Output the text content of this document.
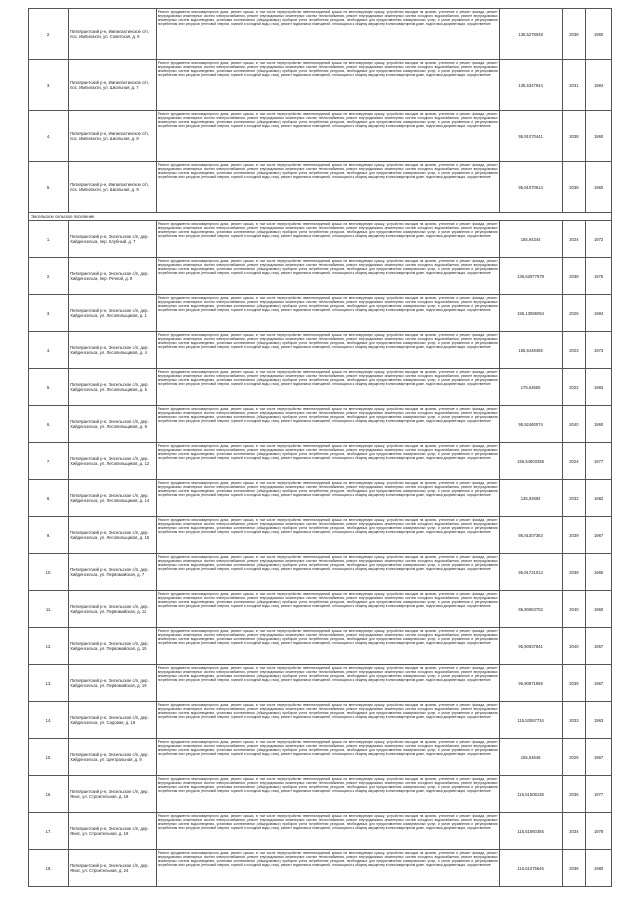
2.	Питкярантский р-н, Импилахтинское с/п, пос. Импилахти, ул. Советская, д. 5	Ремонт фундамента многоквартирного дома, ремонт крыши, в том числе переустройство невентилируемой крыши на вентилируемую крышу, устройство выходов на кровлю, утепление и ремонт фасада, ремонт внутридомовых инженерных систем электроснабжения, ремонт внутридомовых инженерных систем теплоснабжения, ремонт внутридомовых инженерных систем холодного водоснабжения, ремонт внутридомовых инженерных систем водоотведения, установка коллективных (общедомовых) приборов учета потребления ресурсов, необходимых для предоставления коммунальных услуг, и узлов управления и регулирования потребления этих ресурсов (тепловой энергии, горячей и холодной воды, газа), ремонт подвальных помещений, относящихся к общему имуществу в многоквартирном доме, подготовка документации, осуществление	135,5278048	2038	1960
3.	Питкярантский р-н, Импилахтинское с/п, пос. Импилахти, ул. Школьная, д. 7	Ремонт фундамента многоквартирного дома, ремонт крыши, в том числе переустройство невентилируемой крыши на вентилируемую крышу, устройство выходов на кровлю, утепление и ремонт фасада, ремонт внутридомовых инженерных систем электроснабжения, ремонт внутридомовых инженерных систем теплоснабжения, ремонт внутридомовых инженерных систем холодного водоснабжения, ремонт внутридомовых инженерных систем водоотведения, установка коллективных (общедомовых) приборов учета потребления ресурсов, необходимых для предоставления коммунальных услуг, и узлов управления и регулирования потребления этих ресурсов (тепловой энергии, горячей и холодной воды, газа), ремонт подвальных помещений, относящихся к общему имуществу в многоквартирном доме, подготовка документации, осуществление	135,5347944	2031	1984
4.	Питкярантский р-н, Импилахтинское с/п, пос. Импилахти, ул. Школьная, д. 8	Ремонт фундамента многоквартирного дома, ремонт крыши, в том числе переустройство невентилируемой крыши на вентилируемую крышу, устройство выходов на кровлю, утепление и ремонт фасада, ремонт внутридомовых инженерных систем электроснабжения, ремонт внутридомовых инженерных систем теплоснабжения, ремонт внутридомовых инженерных систем холодного водоснабжения, ремонт внутридомовых инженерных систем водоотведения, установка коллективных (общедомовых) приборов учета потребления ресурсов, необходимых для предоставления коммунальных услуг, и узлов управления и регулирования потребления этих ресурсов (тепловой энергии, горячей и холодной воды, газа), ремонт подвальных помещений, относящихся к общему имуществу в многоквартирном доме, подготовка документации, осуществление	95,91070441	2038	1960
5.	Питкярантский р-н, Импилахтинское с/п, пос. Импилахти, ул. Школьная, д. 9	Ремонт фундамента многоквартирного дома, ремонт крыши, в том числе переустройство невентилируемой крыши на вентилируемую крышу, устройство выходов на кровлю, утепление и ремонт фасада, ремонт внутридомовых инженерных систем электроснабжения, ремонт внутридомовых инженерных систем теплоснабжения, ремонт внутридомовых инженерных систем холодного водоснабжения, ремонт внутридомовых инженерных систем водоотведения, установка коллективных (общедомовых) приборов учета потребления ресурсов, необходимых для предоставления коммунальных услуг, и узлов управления и регулирования потребления этих ресурсов (тепловой энергии, горячей и холодной воды, газа), ремонт подвальных помещений, относящихся к общему имуществу в многоквартирном доме, подготовка документации, осуществление	95,91070614	2038	1960
Энсельское сельское поселение					
1.	Питкярантский р-н, Энсельское с/п, дер. Хийденсельга, пер. Клубный, д. 7	Ремонт фундамента многоквартирного дома, ремонт крыши, в том числе переустройство невентилируемой крыши на вентилируемую крышу, устройство выходов на кровлю, утепление и ремонт фасада, ремонт внутридомовых инженерных систем электроснабжения, ремонт внутридомовых инженерных систем теплоснабжения, ремонт внутридомовых инженерных систем холодного водоснабжения, ремонт внутридомовых инженерных систем водоотведения, установка коллективных (общедомовых) приборов учета потребления ресурсов, необходимых для предоставления коммунальных услуг, и узлов управления и регулирования потребления этих ресурсов (тепловой энергии, горячей и холодной воды, газа), ремонт подвальных помещений, относящихся к общему имуществу в многоквартирном доме, подготовка документации, осуществление	155,94344	2024	1972
2.	Питкярантский р-н, Энсельское с/п, дер. Хийденсельга, пер. Речной, д. 8	Ремонт фундамента многоквартирного дома, ремонт крыши, в том числе переустройство невентилируемой крыши на вентилируемую крышу, устройство выходов на кровлю, утепление и ремонт фасада, ремонт внутридомовых инженерных систем электроснабжения, ремонт внутридомовых инженерных систем теплоснабжения, ремонт внутридомовых инженерных систем холодного водоснабжения, ремонт внутридомовых инженерных систем водоотведения, установка коллективных (общедомовых) приборов учета потребления ресурсов, необходимых для предоставления коммунальных услуг, и узлов управления и регулирования потребления этих ресурсов (тепловой энергии, горячей и холодной воды, газа), ремонт подвальных помещений, относящихся к общему имуществу в многоквартирном доме, подготовка документации, осуществление	136,62977979	2038	1976
3.	Питкярантский р-н, Энсельское с/п, дер. Хийденсельга, ул. Лесопильщиков, д. 1	Ремонт фундамента многоквартирного дома, ремонт крыши, в том числе переустройство невентилируемой крыши на вентилируемую крышу, устройство выходов на кровлю, утепление и ремонт фасада, ремонт внутридомовых инженерных систем электроснабжения, ремонт внутридомовых инженерных систем теплоснабжения, ремонт внутридомовых инженерных систем холодного водоснабжения, ремонт внутридомовых инженерных систем водоотведения, установка коллективных (общедомовых) приборов учета потребления ресурсов, необходимых для предоставления коммунальных услуг, и узлов управления и регулирования потребления этих ресурсов (тепловой энергии, горячей и холодной воды, газа), ремонт подвальных помещений, относящихся к общему имуществу в многоквартирном доме, подготовка документации, осуществление	155,13066054	2026	1984
4.	Питкярантский р-н, Энсельское с/п, дер. Хийденсельга, ул. Лесопильщиков, д. 4	Ремонт фундамента многоквартирного дома, ремонт крыши, в том числе переустройство невентилируемой крыши на вентилируемую крышу, устройство выходов на кровлю, утепление и ремонт фасада, ремонт внутридомовых инженерных систем электроснабжения, ремонт внутридомовых инженерных систем теплоснабжения, ремонт внутридомовых инженерных систем холодного водоснабжения, ремонт внутридомовых инженерных систем водоотведения, установка коллективных (общедомовых) приборов учета потребления ресурсов, необходимых для предоставления коммунальных услуг, и узлов управления и регулирования потребления этих ресурсов (тепловой энергии, горячей и холодной воды, газа), ремонт подвальных помещений, относящихся к общему имуществу в многоквартирном доме, подготовка документации, осуществление	155,5448455	2023	1973
5.	Питкярантский р-н, Энсельское с/п, дер. Хийденсельга, ул. Лесопильщиков, д. 5	Ремонт фундамента многоквартирного дома, ремонт крыши, в том числе переустройство невентилируемой крыши на вентилируемую крышу, устройство выходов на кровлю, утепление и ремонт фасада, ремонт внутридомовых инженерных систем электроснабжения, ремонт внутридомовых инженерных систем теплоснабжения, ремонт внутридомовых инженерных систем холодного водоснабжения, ремонт внутридомовых инженерных систем водоотведения, установка коллективных (общедомовых) приборов учета потребления ресурсов, необходимых для предоставления коммунальных услуг, и узлов управления и регулирования потребления этих ресурсов (тепловой энергии, горячей и холодной воды, газа), ремонт подвальных помещений, относящихся к общему имуществу в многоквартирном доме, подготовка документации, осуществление	175,54655	2022	1983
6.	Питкярантский р-н, Энсельское с/п, дер. Хийденсельга, ул. Лесопильщиков, д. 8	Ремонт фундамента многоквартирного дома, ремонт крыши, в том числе переустройство невентилируемой крыши на вентилируемую крышу, устройство выходов на кровлю, утепление и ремонт фасада, ремонт внутридомовых инженерных систем электроснабжения, ремонт внутридомовых инженерных систем теплоснабжения, ремонт внутридомовых инженерных систем холодного водоснабжения, ремонт внутридомовых инженерных систем водоотведения, установка коллективных (общедомовых) приборов учета потребления ресурсов, необходимых для предоставления коммунальных услуг, и узлов управления и регулирования потребления этих ресурсов (тепловой энергии, горячей и холодной воды, газа), ремонт подвальных помещений, относящихся к общему имуществу в многоквартирном доме, подготовка документации, осуществление	95,92460074	2040	1960
7.	Питкярантский р-н, Энсельское с/п, дер. Хийденсельга, ул. Лесопильщиков, д. 12	Ремонт фундамента многоквартирного дома, ремонт крыши, в том числе переустройство невентилируемой крыши на вентилируемую крышу, устройство выходов на кровлю, утепление и ремонт фасада, ремонт внутридомовых инженерных систем электроснабжения, ремонт внутридомовых инженерных систем теплоснабжения, ремонт внутридомовых инженерных систем холодного водоснабжения, ремонт внутридомовых инженерных систем водоотведения, установка коллективных (общедомовых) приборов учета потребления ресурсов, необходимых для предоставления коммунальных услуг, и узлов управления и регулирования потребления этих ресурсов (тепловой энергии, горячей и холодной воды, газа), ремонт подвальных помещений, относящихся к общему имуществу в многоквартирном доме, подготовка документации, осуществление	155,54603356	2024	1977
8.	Питкярантский р-н, Энсельское с/п, дер. Хийденсельга, ул. Лесопильщиков, д. 14	Ремонт фундамента многоквартирного дома, ремонт крыши, в том числе переустройство невентилируемой крыши на вентилируемую крышу, устройство выходов на кровлю, утепление и ремонт фасада, ремонт внутридомовых инженерных систем электроснабжения, ремонт внутридомовых инженерных систем теплоснабжения, ремонт внутридомовых инженерных систем холодного водоснабжения, ремонт внутридомовых инженерных систем водоотведения, установка коллективных (общедомовых) приборов учета потребления ресурсов, необходимых для предоставления коммунальных услуг, и узлов управления и регулирования потребления этих ресурсов (тепловой энергии, горячей и холодной воды, газа), ремонт подвальных помещений, относящихся к общему имуществу в многоквартирном доме, подготовка документации, осуществление	135,92694	2032	1982
9.	Питкярантский р-н, Энсельское с/п, дер. Хийденсельга, ул. Лесопильщиков, д. 16	Ремонт фундамента многоквартирного дома, ремонт крыши, в том числе переустройство невентилируемой крыши на вентилируемую крышу, устройство выходов на кровлю, утепление и ремонт фасада, ремонт внутридомовых инженерных систем электроснабжения, ремонт внутридомовых инженерных систем теплоснабжения, ремонт внутридомовых инженерных систем холодного водоснабжения, ремонт внутридомовых инженерных систем водоотведения, установка коллективных (общедомовых) приборов учета потребления ресурсов, необходимых для предоставления коммунальных услуг, и узлов управления и регулирования потребления этих ресурсов (тепловой энергии, горячей и холодной воды, газа), ремонт подвальных помещений, относящихся к общему имуществу в многоквартирном доме, подготовка документации, осуществление	95,91307363	2039	1967
10.	Питкярантский р-н, Энсельское с/п, дер. Хийденсельга, ул. Первомайская, д. 7	Ремонт фундамента многоквартирного дома, ремонт крыши, в том числе переустройство невентилируемой крыши на вентилируемую крышу, устройство выходов на кровлю, утепление и ремонт фасада, ремонт внутридомовых инженерных систем электроснабжения, ремонт внутридомовых инженерных систем теплоснабжения, ремонт внутридомовых инженерных систем холодного водоснабжения, ремонт внутридомовых инженерных систем водоотведения, установка коллективных (общедомовых) приборов учета потребления ресурсов, необходимых для предоставления коммунальных услуг, и узлов управления и регулирования потребления этих ресурсов (тепловой энергии, горячей и холодной воды, газа), ремонт подвальных помещений, относящихся к общему имуществу в многоквартирном доме, подготовка документации, осуществление	95,91721014	2039	1966
11.	Питкярантский р-н, Энсельское с/п, дер. Хийденсельга, ул. Первомайская, д. 11	Ремонт фундамента многоквартирного дома, ремонт крыши, в том числе переустройство невентилируемой крыши на вентилируемую крышу, устройство выходов на кровлю, утепление и ремонт фасада, ремонт внутридомовых инженерных систем электроснабжения, ремонт внутридомовых инженерных систем теплоснабжения, ремонт внутридомовых инженерных систем холодного водоснабжения, ремонт внутридомовых инженерных систем водоотведения, установка коллективных (общедомовых) приборов учета потребления ресурсов, необходимых для предоставления коммунальных услуг, и узлов управления и регулирования потребления этих ресурсов (тепловой энергии, горячей и холодной воды, газа), ремонт подвальных помещений, относящихся к общему имуществу в многоквартирном доме, подготовка документации, осуществление	95,90653702	2040	1960
12.	Питкярантский р-н, Энсельское с/п, дер. Хийденсельга, ул. Первомайская, д. 15	Ремонт фундамента многоквартирного дома, ремонт крыши, в том числе переустройство невентилируемой крыши на вентилируемую крышу, устройство выходов на кровлю, утепление и ремонт фасада, ремонт внутридомовых инженерных систем электроснабжения, ремонт внутридомовых инженерных систем теплоснабжения, ремонт внутридомовых инженерных систем холодного водоснабжения, ремонт внутридомовых инженерных систем водоотведения, установка коллективных (общедомовых) приборов учета потребления ресурсов, необходимых для предоставления коммунальных услуг, и узлов управления и регулирования потребления этих ресурсов (тепловой энергии, горячей и холодной воды, газа), ремонт подвальных помещений, относящихся к общему имуществу в многоквартирном доме, подготовка документации, осуществление	95,90937841	2040	1967
13.	Питкярантский р-н, Энсельское с/п, дер. Хийденсельга, ул. Первомайская, д. 19	Ремонт фундамента многоквартирного дома, ремонт крыши, в том числе переустройство невентилируемой крыши на вентилируемую крышу, устройство выходов на кровлю, утепление и ремонт фасада, ремонт внутридомовых инженерных систем электроснабжения, ремонт внутридомовых инженерных систем теплоснабжения, ремонт внутридомовых инженерных систем холодного водоснабжения, ремонт внутридомовых инженерных систем водоотведения, установка коллективных (общедомовых) приборов учета потребления ресурсов, необходимых для предоставления коммунальных услуг, и узлов управления и регулирования потребления этих ресурсов (тепловой энергии, горячей и холодной воды, газа), ремонт подвальных помещений, относящихся к общему имуществу в многоквартирном доме, подготовка документации, осуществление	95,90871869	2039	1967
14.	Питкярантский р-н, Энсельское с/п, дер. Хийденсельга, ул. Садовая, д. 19	Ремонт фундамента многоквартирного дома, ремонт крыши, в том числе переустройство невентилируемой крыши на вентилируемую крышу, устройство выходов на кровлю, утепление и ремонт фасада, ремонт внутридомовых инженерных систем электроснабжения, ремонт внутридомовых инженерных систем теплоснабжения, ремонт внутридомовых инженерных систем холодного водоснабжения, ремонт внутридомовых инженерных систем водоотведения, установка коллективных (общедомовых) приборов учета потребления ресурсов, необходимых для предоставления коммунальных услуг, и узлов управления и регулирования потребления этих ресурсов (тепловой энергии, горячей и холодной воды, газа), ремонт подвальных помещений, относящихся к общему имуществу в многоквартирном доме, подготовка документации, осуществление	115,53067734	2033	1983
15.	Питкярантский р-н, Энсельское с/п, дер. Хийденсельга, ул. Центральная, д. 8	Ремонт фундамента многоквартирного дома, ремонт крыши, в том числе переустройство невентилируемой крыши на вентилируемую крышу, устройство выходов на кровлю, утепление и ремонт фасада, ремонт внутридомовых инженерных систем электроснабжения, ремонт внутридомовых инженерных систем теплоснабжения, ремонт внутридомовых инженерных систем холодного водоснабжения, ремонт внутридомовых инженерных систем водоотведения, установка коллективных (общедомовых) приборов учета потребления ресурсов, необходимых для предоставления коммунальных услуг, и узлов управления и регулирования потребления этих ресурсов (тепловой энергии, горячей и холодной воды, газа), ремонт подвальных помещений, относящихся к общему имуществу в многоквартирном доме, подготовка документации, осуществление	155,54646	2025	1967
16.	Питкярантский р-н, Энсельское с/п, дер. Янис, ул. Строительная, д. 18	Ремонт фундамента многоквартирного дома, ремонт крыши, в том числе переустройство невентилируемой крыши на вентилируемую крышу, устройство выходов на кровлю, утепление и ремонт фасада, ремонт внутридомовых инженерных систем электроснабжения, ремонт внутридомовых инженерных систем теплоснабжения, ремонт внутридомовых инженерных систем холодного водоснабжения, ремонт внутридомовых инженерных систем водоотведения, установка коллективных (общедомовых) приборов учета потребления ресурсов, необходимых для предоставления коммунальных услуг, и узлов управления и регулирования потребления этих ресурсов (тепловой энергии, горячей и холодной воды, газа), ремонт подвальных помещений, относящихся к общему имуществу в многоквартирном доме, подготовка документации, осуществление	115,51508138	2035	1977
17.	Питкярантский р-н, Энсельское с/п, дер. Янис, ул. Строительная, д. 19	Ремонт фундамента многоквартирного дома, ремонт крыши, в том числе переустройство невентилируемой крыши на вентилируемую крышу, устройство выходов на кровлю, утепление и ремонт фасада, ремонт внутридомовых инженерных систем электроснабжения, ремонт внутридомовых инженерных систем теплоснабжения, ремонт внутридомовых инженерных систем холодного водоснабжения, ремонт внутридомовых инженерных систем водоотведения, установка коллективных (общедомовых) приборов учета потребления ресурсов, необходимых для предоставления коммунальных услуг, и узлов управления и регулирования потребления этих ресурсов (тепловой энергии, горячей и холодной воды, газа), ремонт подвальных помещений, относящихся к общему имуществу в многоквартирном доме, подготовка документации, осуществление	115,51860365	2034	1978
18.	Питкярантский р-н, Энсельское с/п, дер. Янис, ул. Строительная, д. 24	Ремонт фундамента многоквартирного дома, ремонт крыши, в том числе переустройство невентилируемой крыши на вентилируемую крышу, устройство выходов на кровлю, утепление и ремонт фасада, ремонт внутридомовых инженерных систем электроснабжения, ремонт внутридомовых инженерных систем теплоснабжения, ремонт внутридомовых инженерных систем холодного водоснабжения, ремонт внутридомовых инженерных систем водоотведения, установка коллективных (общедомовых) приборов учета потребления ресурсов, необходимых для предоставления коммунальных услуг, и узлов управления и регулирования потребления этих ресурсов (тепловой энергии, горячей и холодной воды, газа), ремонт подвальных помещений, относящихся к общему имуществу в многоквартирном доме, подготовка документации, осуществление	115,51075645	2036	1980
